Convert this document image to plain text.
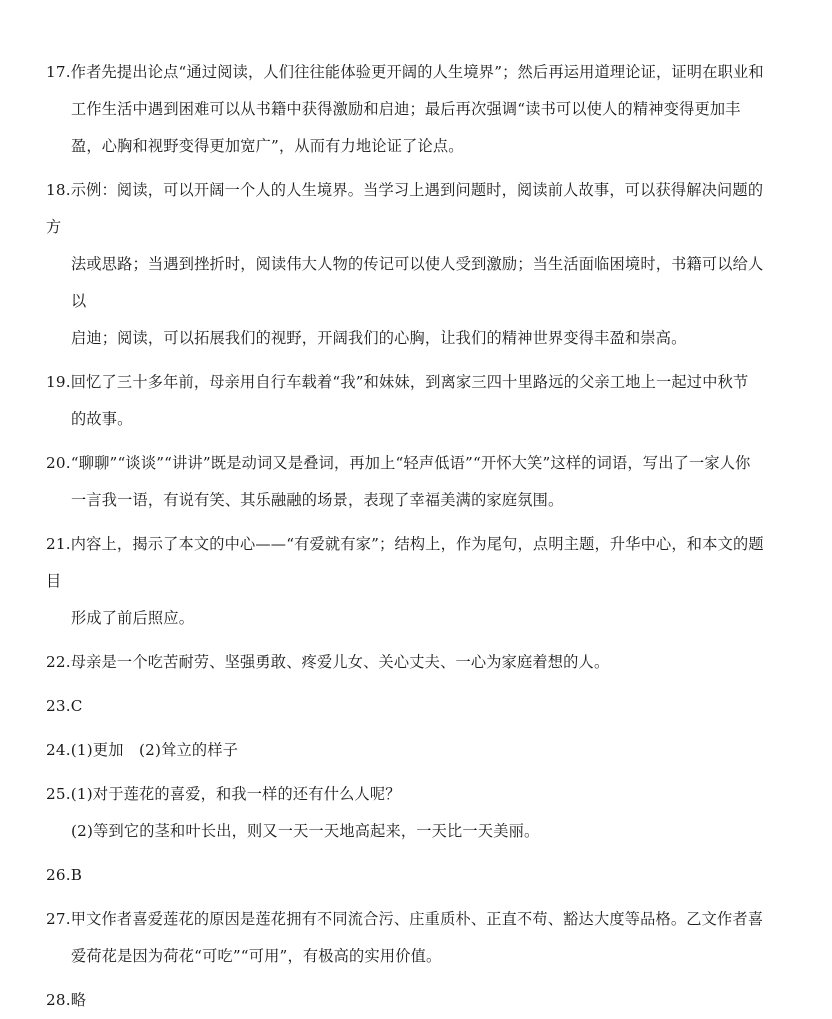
17.作者先提出论点“通过阅读，人们往往能体验更开阔的人生境界”；然后再运用道理论证，证明在职业和
工作生活中遇到困难可以从书籍中获得激励和启迪；最后再次强调“读书可以使人的精神变得更加丰
盈，心胸和视野变得更加宽广”，从而有力地论证了论点。
18.示例：阅读，可以开阔一个人的人生境界。当学习上遇到问题时，阅读前人故事，可以获得解决问题的方
法或思路；当遇到挫折时，阅读伟大人物的传记可以使人受到激励；当生活面临困境时，书籍可以给人以
启迪；阅读，可以拓展我们的视野，开阔我们的心胸，让我们的精神世界变得丰盈和崇高。
19.回忆了三十多年前，母亲用自行车载着“我”和妹妹，到离家三四十里路远的父亲工地上一起过中秋节
的故事。
20.“聊聊”“谈谈”“讲讲”既是动词又是叠词，再加上“轻声低语”“开怀大笑”这样的词语，写出了一家人你
一言我一语，有说有笑、其乐融融的场景，表现了幸福美满的家庭氛围。
21.内容上，揭示了本文的中心——“有爱就有家”；结构上，作为尾句，点明主题，升华中心，和本文的题目
形成了前后照应。
22.母亲是一个吃苦耐劳、坚强勇敢、疼爱儿女、关心丈夫、一心为家庭着想的人。
23.C
24.(1)更加　(2)耸立的样子
25.(1)对于莲花的喜爱，和我一样的还有什么人呢？
(2)等到它的茎和叶长出，则又一天一天地高起来，一天比一天美丽。
26.B
27.甲文作者喜爱莲花的原因是莲花拥有不同流合污、庄重质朴、正直不苟、豁达大度等品格。乙文作者喜
爱荷花是因为荷花“可吃”“可用”，有极高的实用价值。
28.略
